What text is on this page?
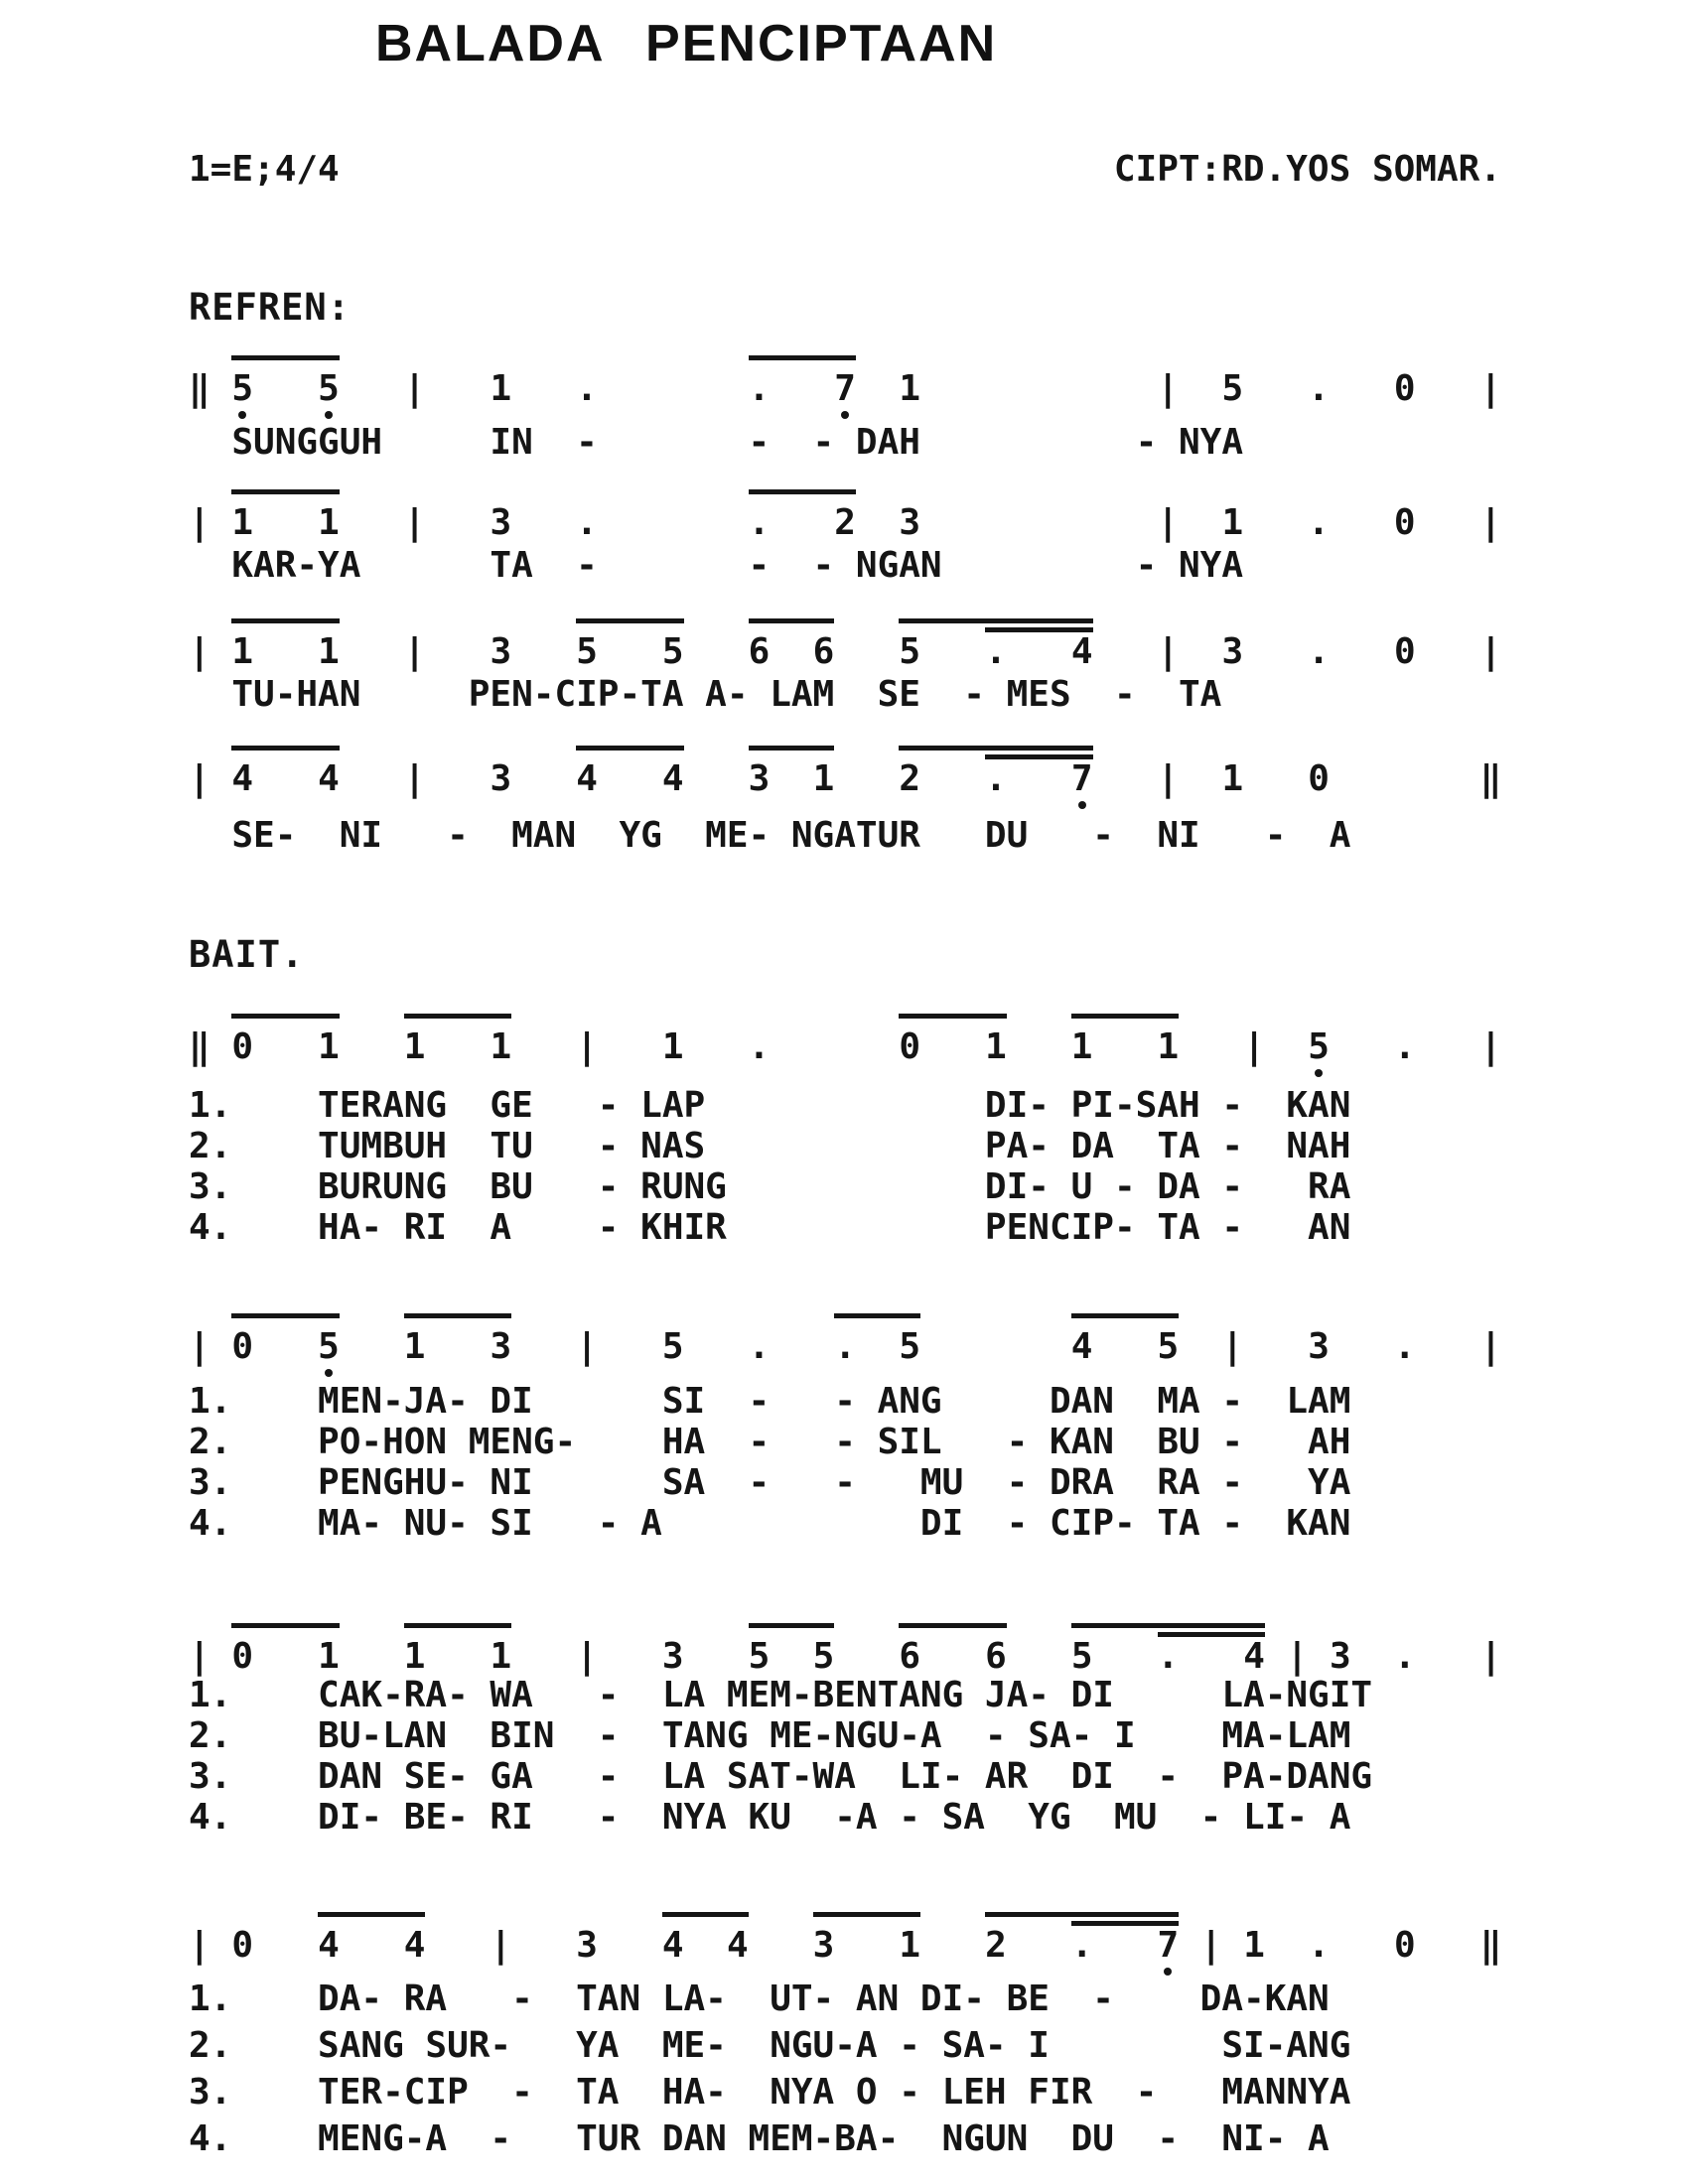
BALADA PENCIPTAAN
1=E;4/4	CIPT:RD.YOS SOMAR.
REFREN:
‖ 5 5   |   1   .       . 7  1           |  5   .   0   |
SUNGGUH     IN  -       -  - DAH          - NYA
| 1 1   |   3   .       . 2  3           |  1   .   0   |
KAR-YA      TA  -       -  - NGAN         - NYA
| 1 1   |   3   5 5 6 6 5 . 4   |  3   .   0   |
TU-HAN     PEN-CIP-TA A- LAM  SE  - MES  -  TA
| 4 4   |   3   4 4 3 1 2 . 7   |  1   0       ‖
SE-  NI   -  MAN  YG  ME- NGATUR   DU   -  NI   -  A
BAIT.
‖ 0 1 1 1   |   1   .      0 1 1 1   |  5   .   |
1.    TERANG  GE   - LAP             DI- PI-SAH -  KAN
2.    TUMBUH  TU   - NAS             PA- DA  TA -  NAH
3.    BURUNG  BU   - RUNG            DI- U - DA -   RA
4.    HA- RI  A    - KHIR            PENCIP- TA -   AN
| 0 5 1 3   |   5   .   . 5	4 5  |   3   .   |
1.    MEN-JA- DI      SI  -   - ANG     DAN  MA -  LAM
2.    PO-HON MENG-    HA  -   - SIL   - KAN  BU -   AH
3.    PENGHU- NI      SA  -   -   MU  - DRA  RA -   YA
4.    MA- NU- SI   - A            DI  - CIP- TA -  KAN
| 0 1 1 1   |   3   5 5 6 6 5 . 4 | 3  .   |
1.    CAK-RA- WA   -  LA MEM-BENTANG JA- DI     LA-NGIT
2.    BU-LAN  BIN  -  TANG ME-NGU-A  - SA- I    MA-LAM
3.    DAN SE- GA   -  LA SAT-WA  LI- AR  DI  -  PA-DANG
4.    DI- BE- RI   -  NYA KU  -A - SA  YG  MU  - LI- A
| 0 4 4   |   3   4 4 3 1 2 . 7 | 1  .   0   ‖
1.    DA- RA   -  TAN LA-  UT- AN DI- BE  -    DA-KAN
2.    SANG SUR-   YA  ME-  NGU-A - SA- I        SI-ANG
3.    TER-CIP  -  TA  HA-  NYA O - LEH FIR  -   MANNYA
4.    MENG-A  -   TUR DAN MEM-BA-  NGUN  DU  -  NI- A
